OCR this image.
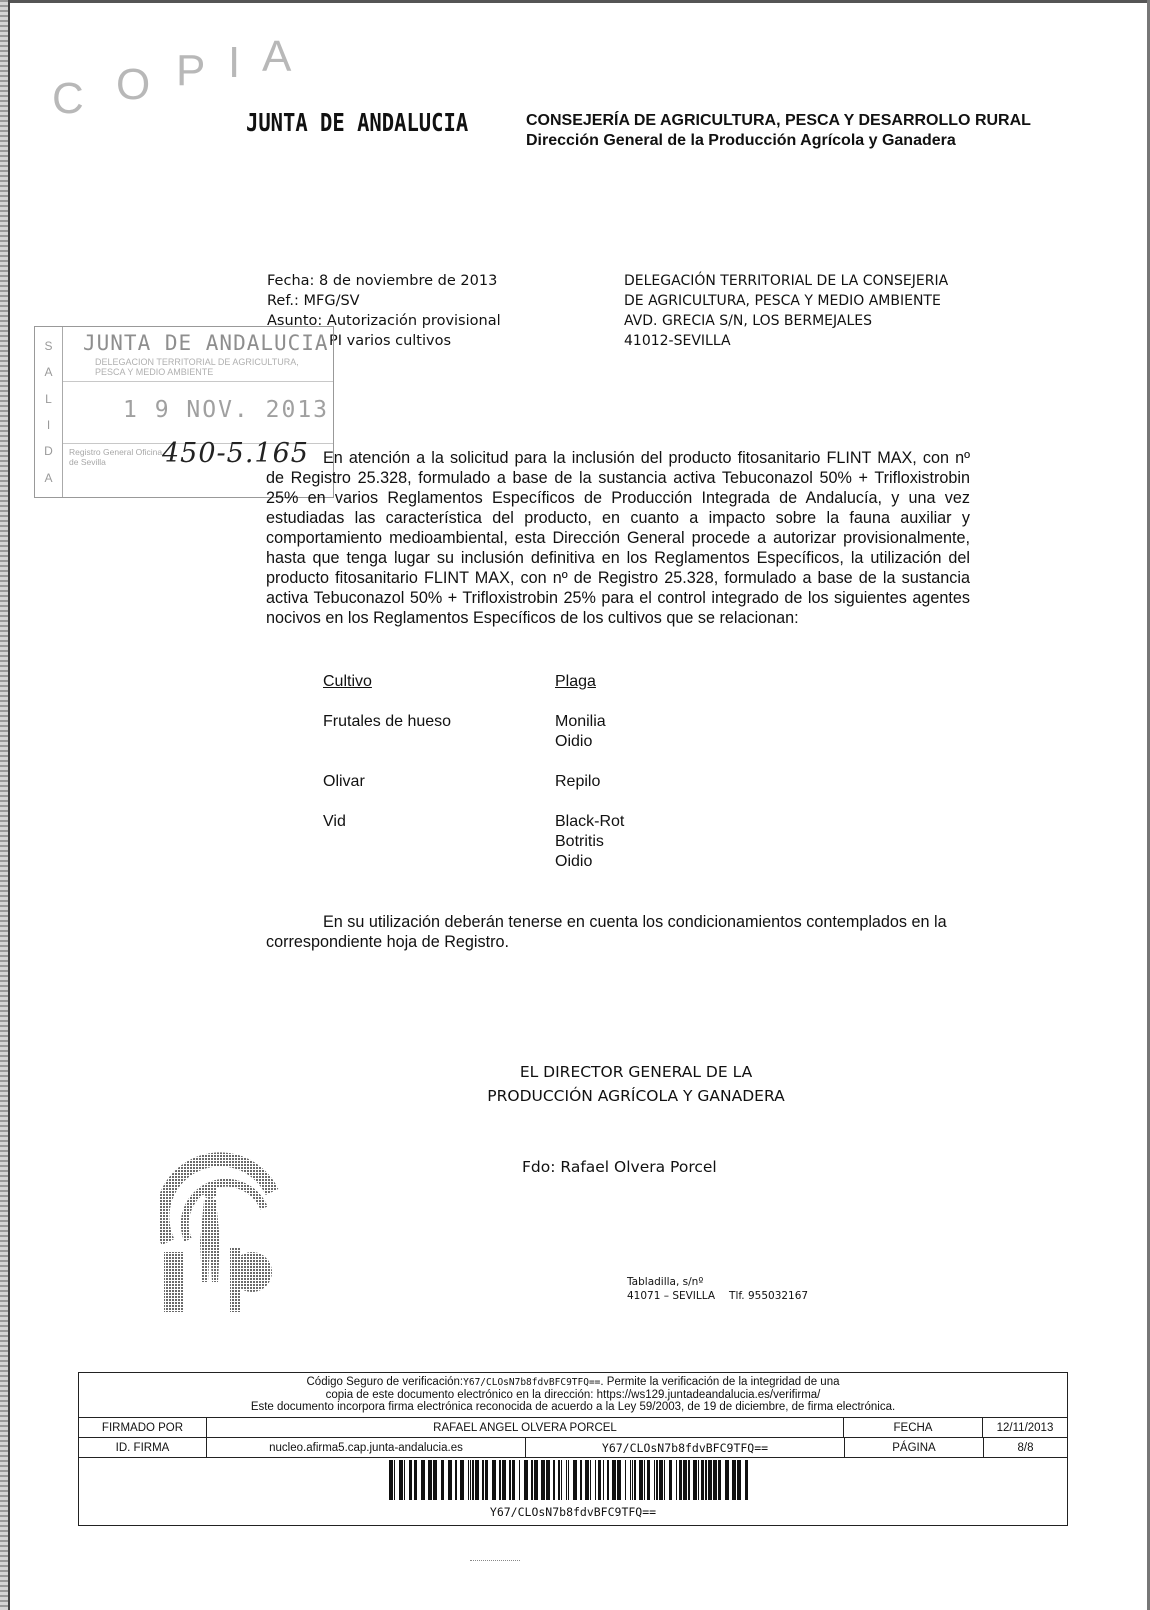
C O P I A
JUNTA DE ANDALUCIA	CONSEJERÍA DE AGRICULTURA, PESCA Y DESARROLLO RURAL
Dirección General de la Producción Agrícola y Ganadera
Fecha: 8 de noviembre de 2013
Ref.: MFG/SV
Asunto: Autorización provisional
PI varios cultivos
DELEGACIÓN TERRITORIAL DE LA CONSEJERIA
DE AGRICULTURA, PESCA Y MEDIO AMBIENTE
AVD. GRECIA S/N, LOS BERMEJALES
41012-SEVILLA
S
A
L
I
D
A
JUNTA DE ANDALUCIA
DELEGACION TERRITORIAL DE AGRICULTURA, PESCA Y MEDIO AMBIENTE
1 9 NOV. 2013
Registro General Oficina de Sevilla	450-5.165 En atención a la solicitud para la inclusión del producto fitosanitario FLINT MAX, con nº de Registro 25.328, formulado a base de la sustancia activa Tebuconazol 50% + Trifloxistrobin 25% en varios Reglamentos Específicos de Producción Integrada de Andalucía, y una vez estudiadas las característica del producto, en cuanto a impacto sobre la fauna auxiliar y comportamiento medioambiental, esta Dirección General procede a autorizar provisionalmente, hasta que tenga lugar su inclusión definitiva en los Reglamentos Específicos, la utilización del producto fitosanitario FLINT MAX, con nº de Registro 25.328, formulado a base de la sustancia activa Tebuconazol 50% + Trifloxistrobin 25% para el control integrado de los siguientes agentes nocivos en los Reglamentos Específicos de los cultivos que se relacionan:

Cultivo	Plaga
Frutales de hueso	Monilia
Oidio
Olivar	Repilo
Vid	Black-Rot
Botritis
Oidio

En su utilización deberán tenerse en cuenta los condicionamientos contemplados en la correspondiente hoja de Registro.

EL DIRECTOR GENERAL DE LA
PRODUCCIÓN AGRÍCOLA Y GANADERA
Fdo: Rafael Olvera Porcel
Tabladilla, s/nº
41071 – SEVILLA Tlf. 955032167
Código Seguro de verificación:Y67/CLOsN7b8fdvBFC9TFQ==. Permite la verificación de la integridad de una
copia de este documento electrónico en la dirección: https://ws129.juntadeandalucia.es/verifirma/
Este documento incorpora firma electrónica reconocida de acuerdo a la Ley 59/2003, de 19 de diciembre, de firma electrónica.
FIRMADO POR	RAFAEL ANGEL OLVERA PORCEL	FECHA	12/11/2013
ID. FIRMA	nucleo.afirma5.cap.junta-andalucia.es	Y67/CLOsN7b8fdvBFC9TFQ==	PÁGINA	8/8
Y67/CLOsN7b8fdvBFC9TFQ==
